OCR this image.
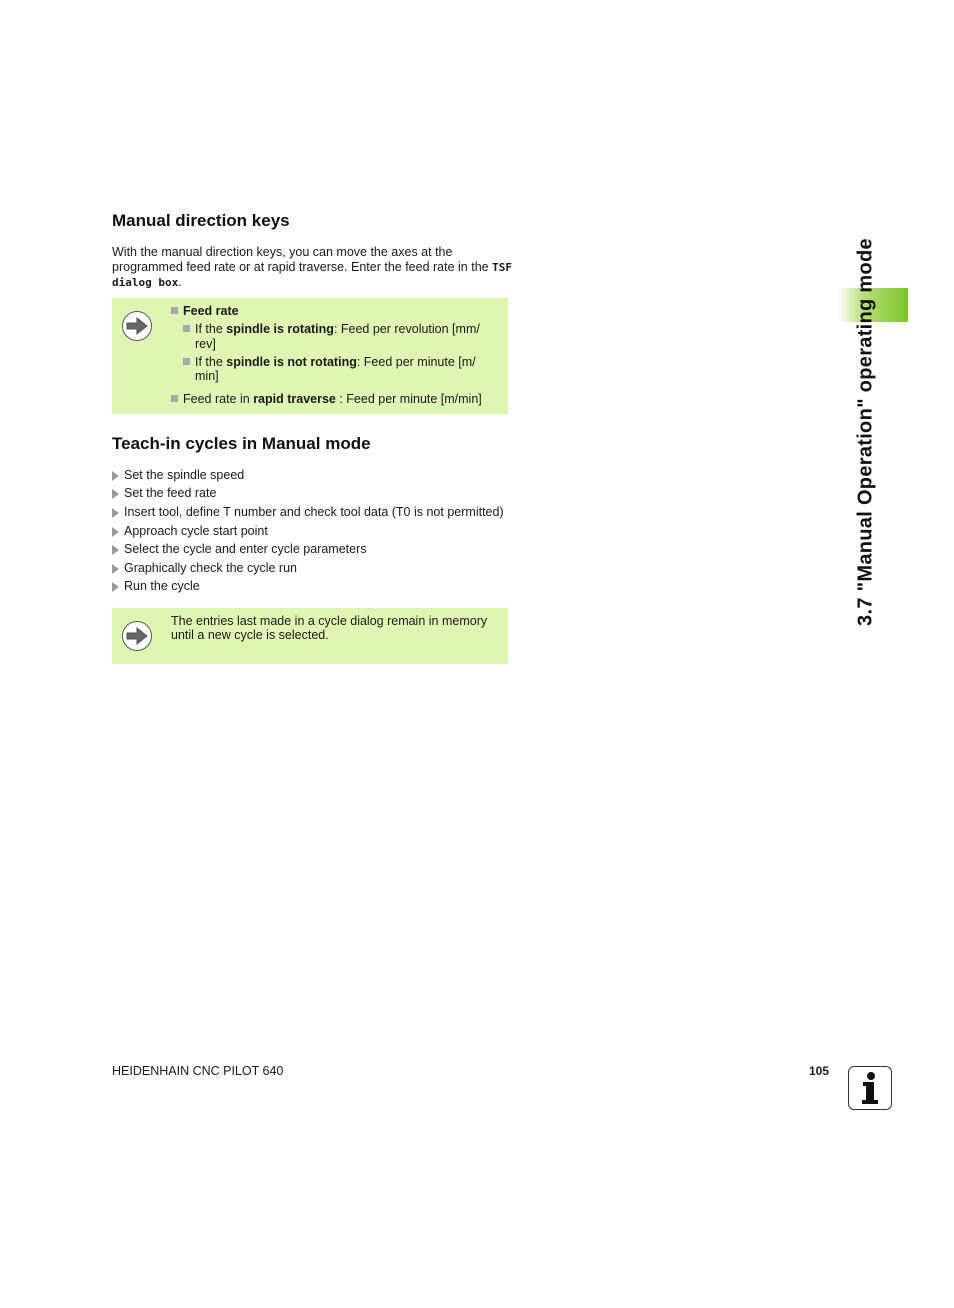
Manual direction keys
With the manual direction keys, you can move the axes at the programmed feed rate or at rapid traverse. Enter the feed rate in the TSF dialog box.
Feed rate
If the spindle is rotating: Feed per revolution [mm/
rev]
If the spindle is not rotating: Feed per minute [m/
min]
Feed rate in rapid traverse : Feed per minute [m/min]
Teach-in cycles in Manual mode
Set the spindle speed
Set the feed rate
Insert tool, define T number and check tool data (T0 is not permitted)
Approach cycle start point
Select the cycle and enter cycle parameters
Graphically check the cycle run
Run the cycle
The entries last made in a cycle dialog remain in memory
until a new cycle is selected.
3.7 "Manual Operation" operating mode
HEIDENHAIN CNC PILOT 640	105
